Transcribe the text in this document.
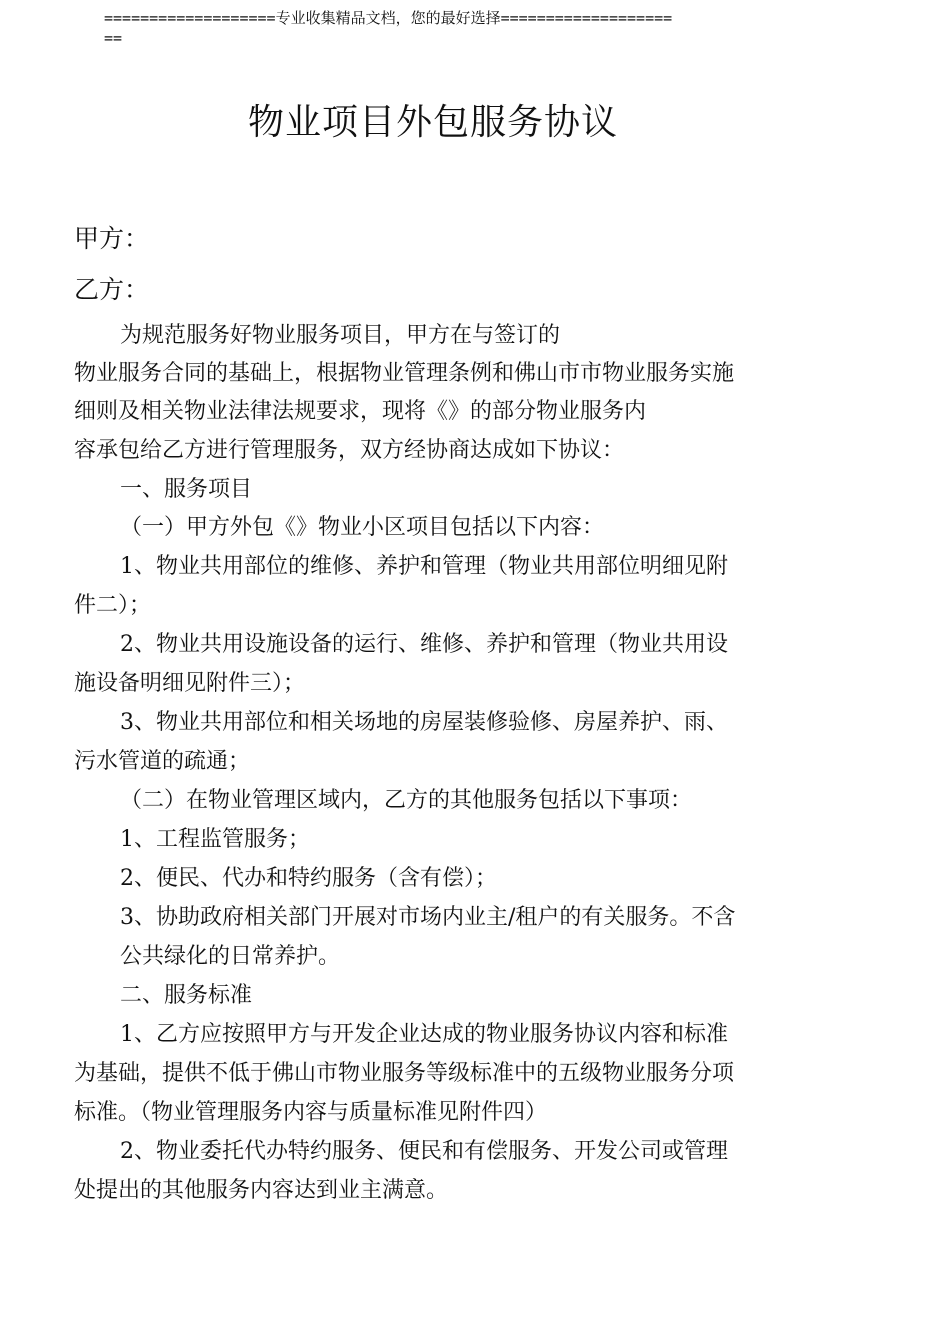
===================专业收集精品文档，您的最好选择===================
==
物业项目外包服务协议
甲方：
乙方：
为规范服务好物业服务项目，甲方在与签订的
物业服务合同的基础上，根据物业管理条例和佛山市市物业服务实施
细则及相关物业法律法规要求，现将《》的部分物业服务内
容承包给乙方进行管理服务，双方经协商达成如下协议：
一、服务项目
（一）甲方外包《》物业小区项目包括以下内容：
1、物业共用部位的维修、养护和管理（物业共用部位明细见附
件二）；
2、物业共用设施设备的运行、维修、养护和管理（物业共用设
施设备明细见附件三）；
3、物业共用部位和相关场地的房屋装修验修、房屋养护、雨、
污水管道的疏通；
（二）在物业管理区域内，乙方的其他服务包括以下事项：
1、工程监管服务；
2、便民、代办和特约服务（含有偿）；
3、协助政府相关部门开展对市场内业主/租户的有关服务。不含
公共绿化的日常养护。
二、服务标准
1、乙方应按照甲方与开发企业达成的物业服务协议内容和标准
为基础，提供不低于佛山市物业服务等级标准中的五级物业服务分项
标准。（物业管理服务内容与质量标准见附件四）
2、物业委托代办特约服务、便民和有偿服务、开发公司或管理
处提出的其他服务内容达到业主满意。
